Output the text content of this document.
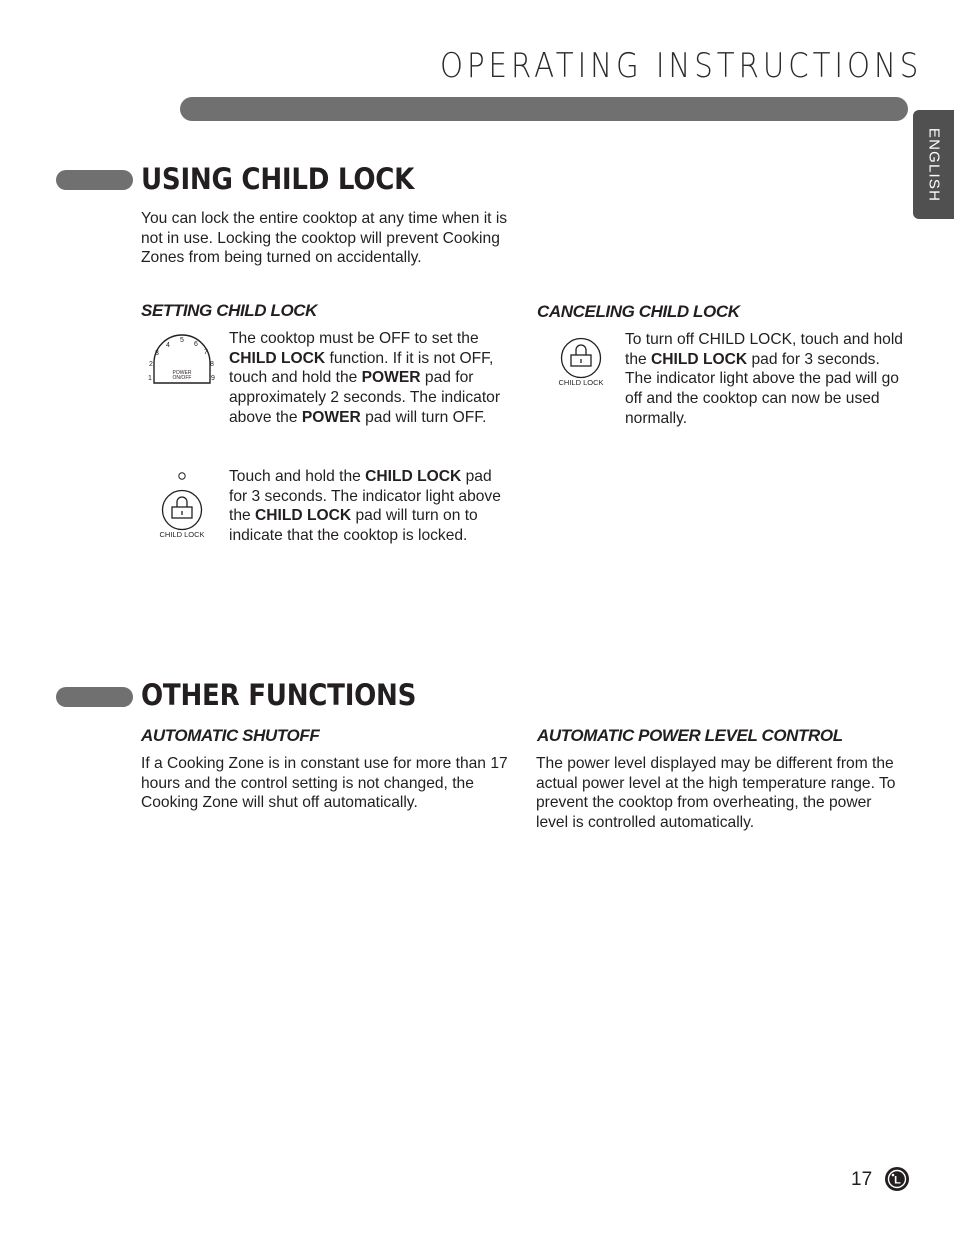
OPERATING INSTRUCTIONS
ENGLISH
USING CHILD LOCK
You can lock the entire cooktop at any time when it is not in use. Locking the cooktop will prevent Cooking Zones from being turned on accidentally.
SETTING CHILD LOCK
POWER
ON/OFF
1
2
3
4
5
6
7
8
9
The cooktop must be OFF to set the CHILD LOCK function. If it is not OFF, touch and hold the POWER pad for approximately 2 seconds. The indicator above the POWER pad will turn OFF.
CHILD LOCK
Touch and hold the CHILD LOCK pad for 3 seconds. The indicator light above the CHILD LOCK pad will turn on to indicate that the cooktop is locked.
CANCELING CHILD LOCK
CHILD LOCK
To turn off CHILD LOCK, touch and hold the CHILD LOCK pad for 3 seconds. The indicator light above the pad will go off and the cooktop can now be used normally.
OTHER FUNCTIONS
AUTOMATIC SHUTOFF
If a Cooking Zone is in constant use for more than 17 hours and the control setting is not changed, the Cooking Zone will shut off automatically.
AUTOMATIC POWER LEVEL CONTROL
The power level displayed may be different from the actual power level at the high temperature range. To prevent the cooktop from overheating, the power level is controlled automatically.
17 L
